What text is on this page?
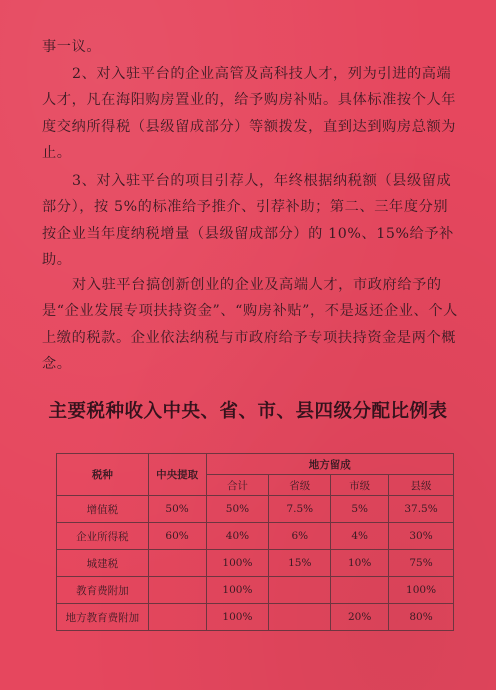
事一议。

2、对入驻平台的企业高管及高科技人才，列为引进的高端人才，凡在海阳购房置业的，给予购房补贴。具体标准按个人年度交纳所得税（县级留成部分）等额拨发，直到达到购房总额为止。

3、对入驻平台的项目引荐人，年终根据纳税额（县级留成部分），按 5%的标准给予推介、引荐补助；第二、三年度分别按企业当年度纳税增量（县级留成部分）的 10%、15%给予补助。

对入驻平台搞创新创业的企业及高端人才，市政府给予的是“企业发展专项扶持资金”、“购房补贴”，不是返还企业、个人上缴的税款。企业依法纳税与市政府给予专项扶持资金是两个概念。

主要税种收入中央、省、市、县四级分配比例表
税种	中央提取	地方留成			
		合计	省级	市级	县级
增值税	50%	50%	7.5%	5%	37.5%
企业所得税	60%	40%	6%	4%	30%
城建税		100%	15%	10%	75%
教育费附加		100%			100%
地方教育费附加		100%		20%	80%
